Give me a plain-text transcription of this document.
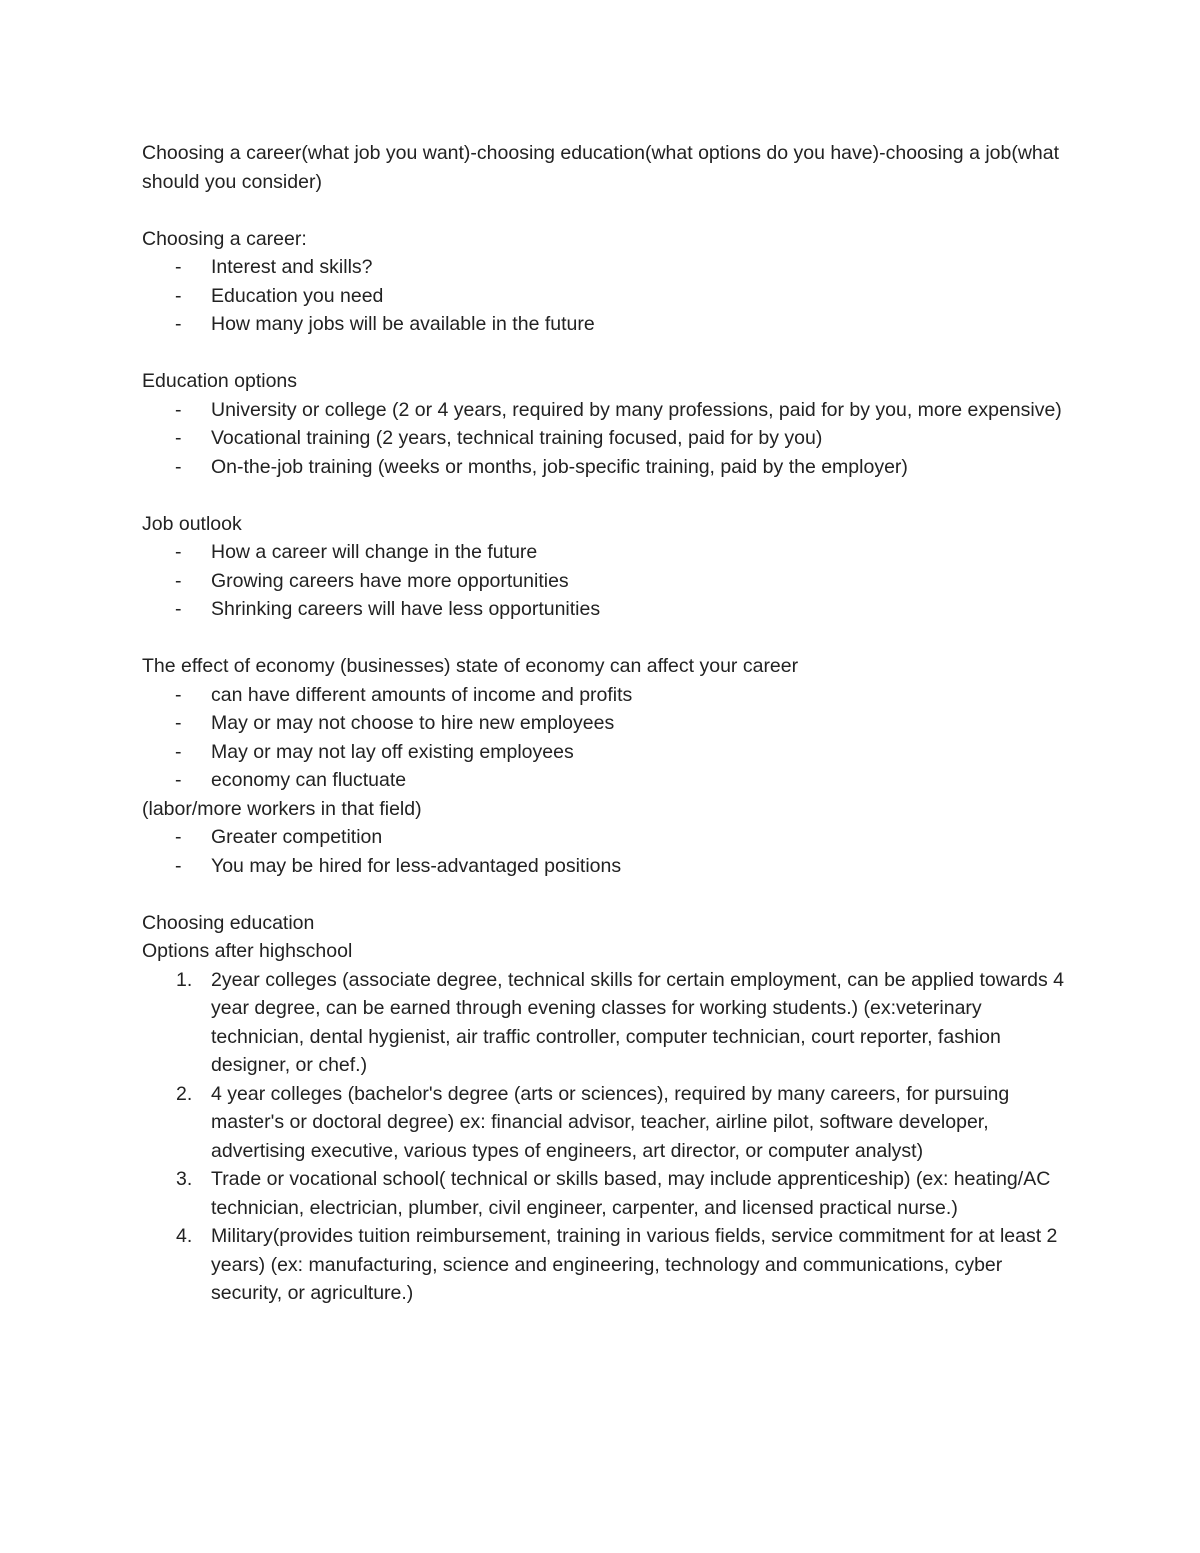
Choosing a career(what job you want)-choosing education(what options do you have)-choosing a job(what should you consider)

Choosing a career:

- Interest and skills?
- Education you need
- How many jobs will be available in the future

Education options

- University or college (2 or 4 years, required by many professions, paid for by you, more expensive)
- Vocational training (2 years, technical training focused, paid for by you)
- On-the-job training (weeks or months, job-specific training, paid by the employer)

Job outlook

- How a career will change in the future
- Growing careers have more opportunities
- Shrinking careers will have less opportunities

The effect of economy (businesses) state of economy can affect your career

- can have different amounts of income and profits
- May or may not choose to hire new employees
- May or may not lay off existing employees
- economy can fluctuate

(labor/more workers in that field)

- Greater competition
- You may be hired for less-advantaged positions

Choosing education

Options after highschool

1. 2year colleges (associate degree, technical skills for certain employment, can be applied towards 4 year degree, can be earned through evening classes for working students.) (ex:veterinary technician, dental hygienist, air traffic controller, computer technician, court reporter, fashion designer, or chef.)
2. 4 year colleges (bachelor's degree (arts or sciences), required by many careers, for pursuing master's or doctoral degree) ex: financial advisor, teacher, airline pilot, software developer, advertising executive, various types of engineers, art director, or computer analyst)
3. Trade or vocational school( technical or skills based, may include apprenticeship) (ex: heating/AC technician, electrician, plumber, civil engineer, carpenter, and licensed practical nurse.)
4. Military(provides tuition reimbursement, training in various fields, service commitment for at least 2 years) (ex: manufacturing, science and engineering, technology and communications, cyber security, or agriculture.)
